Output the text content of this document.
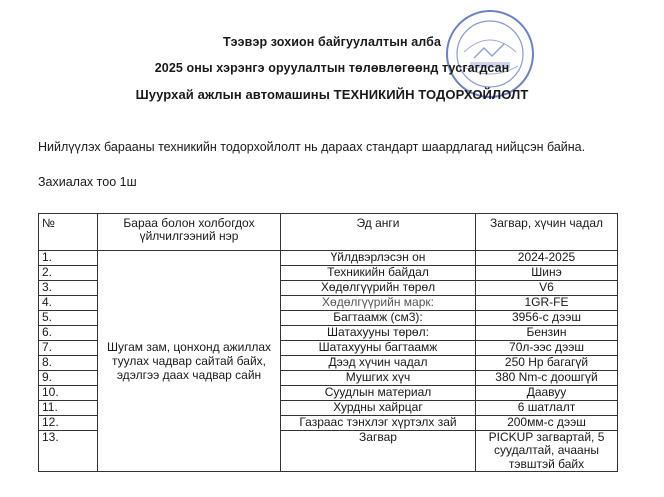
Тээвэр зохион байгуулалтын алба
2025 оны хэрэнгэ оруулалтын төлөвлөгөөнд тусгагдсан
Шуурхай ажлын автомашины ТЕХНИКИЙН ТОДОРХОЙЛОЛТ
Нийлүүлэх барааны техникийн тодорхойлолт нь дараах стандарт шаардлагад нийцсэн байна.
Захиалах тоо 1ш
№	Бараа болон холбогдох үйлчилгээний нэр	Эд анги	Загвар, хүчин чадал
1.	Шугам зам, цонхонд ажиллах туулах чадвар сайтай байх, эдэлгээ даах чадвар сайн	Үйлдвэрлэсэн он	2024-2025
2.		Техникийн байдал	Шинэ
3.		Хөдөлгүүрийн төрөл	V6
4.		Хөдөлгүүрийн марк:	1GR-FE
5.		Багтаамж (см3):	3956-с дээш
6.		Шатахууны төрөл:	Бензин
7.		Шатахууны багтаамж	70л-ээс дээш
8.		Дээд хүчин чадал	250 Hp багагүй
9.		Мушгих хүч	380 Nm-с доошгүй
10.		Суудлын материал	Даавуу
11.		Хурдны хайрцаг	6 шатлалт
12.		Газраас тэнхлэг хүртэлх зай	200мм-с дээш
13.		Загвар	PICKUP загвартай, 5 суудалтай, ачааны тэвштэй байх
